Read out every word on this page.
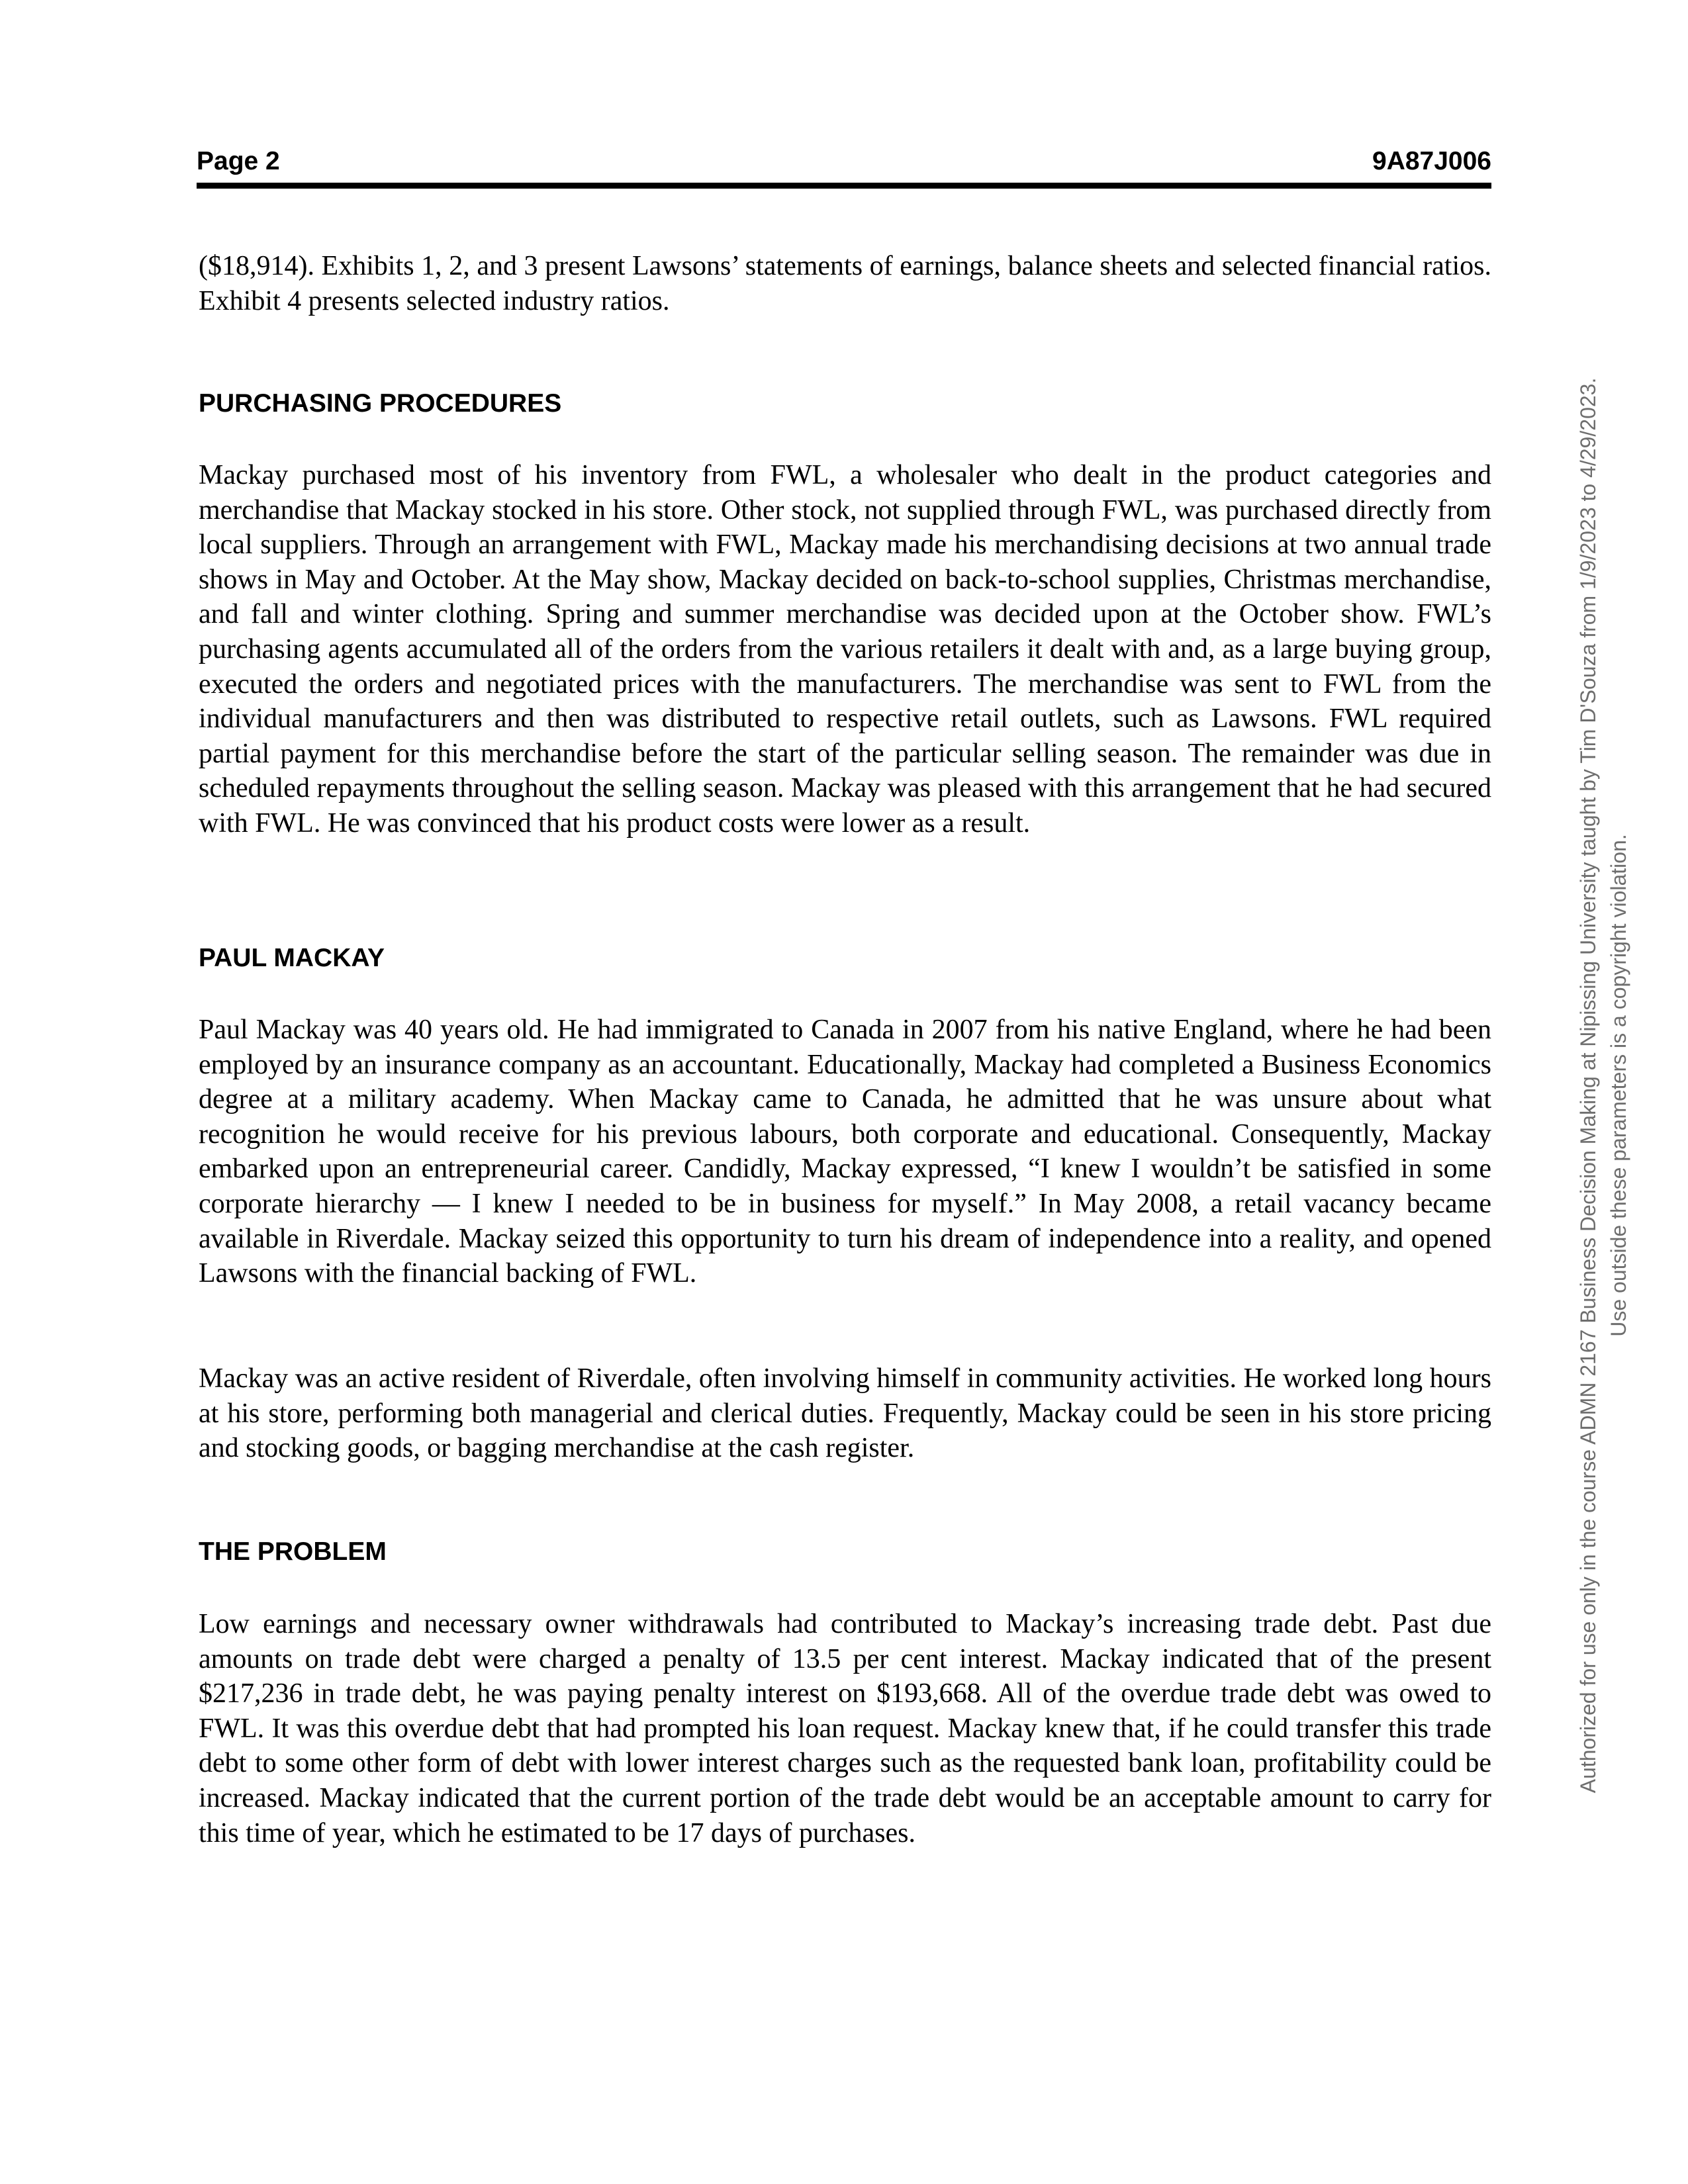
Page 2	9A87J006

($18,914). Exhibits 1, 2, and 3 present Lawsons’ statements of earnings, balance sheets and selected financial ratios. Exhibit 4 presents selected industry ratios.

PURCHASING PROCEDURES

Mackay purchased most of his inventory from FWL, a wholesaler who dealt in the product categories and merchandise that Mackay stocked in his store. Other stock, not supplied through FWL, was purchased directly from local suppliers. Through an arrangement with FWL, Mackay made his merchandising decisions at two annual trade shows in May and October. At the May show, Mackay decided on back-to-school supplies, Christmas merchandise, and fall and winter clothing. Spring and summer merchandise was decided upon at the October show. FWL’s purchasing agents accumulated all of the orders from the various retailers it dealt with and, as a large buying group, executed the orders and negotiated prices with the manufacturers. The merchandise was sent to FWL from the individual manufacturers and then was distributed to respective retail outlets, such as Lawsons. FWL required partial payment for this merchandise before the start of the particular selling season. The remainder was due in scheduled repayments throughout the selling season. Mackay was pleased with this arrangement that he had secured with FWL. He was convinced that his product costs were lower as a result.

PAUL MACKAY

Paul Mackay was 40 years old. He had immigrated to Canada in 2007 from his native England, where he had been employed by an insurance company as an accountant. Educationally, Mackay had completed a Business Economics degree at a military academy. When Mackay came to Canada, he admitted that he was unsure about what recognition he would receive for his previous labours, both corporate and educational. Consequently, Mackay embarked upon an entrepreneurial career. Candidly, Mackay expressed, “I knew I wouldn’t be satisfied in some corporate hierarchy — I knew I needed to be in business for myself.” In May 2008, a retail vacancy became available in Riverdale. Mackay seized this opportunity to turn his dream of independence into a reality, and opened Lawsons with the financial backing of FWL.

Mackay was an active resident of Riverdale, often involving himself in community activities. He worked long hours at his store, performing both managerial and clerical duties. Frequently, Mackay could be seen in his store pricing and stocking goods, or bagging merchandise at the cash register.

THE PROBLEM

Low earnings and necessary owner withdrawals had contributed to Mackay’s increasing trade debt. Past due amounts on trade debt were charged a penalty of 13.5 per cent interest. Mackay indicated that of the present $217,236 in trade debt, he was paying penalty interest on $193,668. All of the overdue trade debt was owed to FWL. It was this overdue debt that had prompted his loan request. Mackay knew that, if he could transfer this trade debt to some other form of debt with lower interest charges such as the requested bank loan, profitability could be increased. Mackay indicated that the current portion of the trade debt would be an acceptable amount to carry for this time of year, which he estimated to be 17 days of purchases.

Authorized for use only in the course ADMN 2167 Business Decision Making at Nipissing University taught by Tim D'Souza from 1/9/2023 to 4/29/2023. Use outside these parameters is a copyright violation.
